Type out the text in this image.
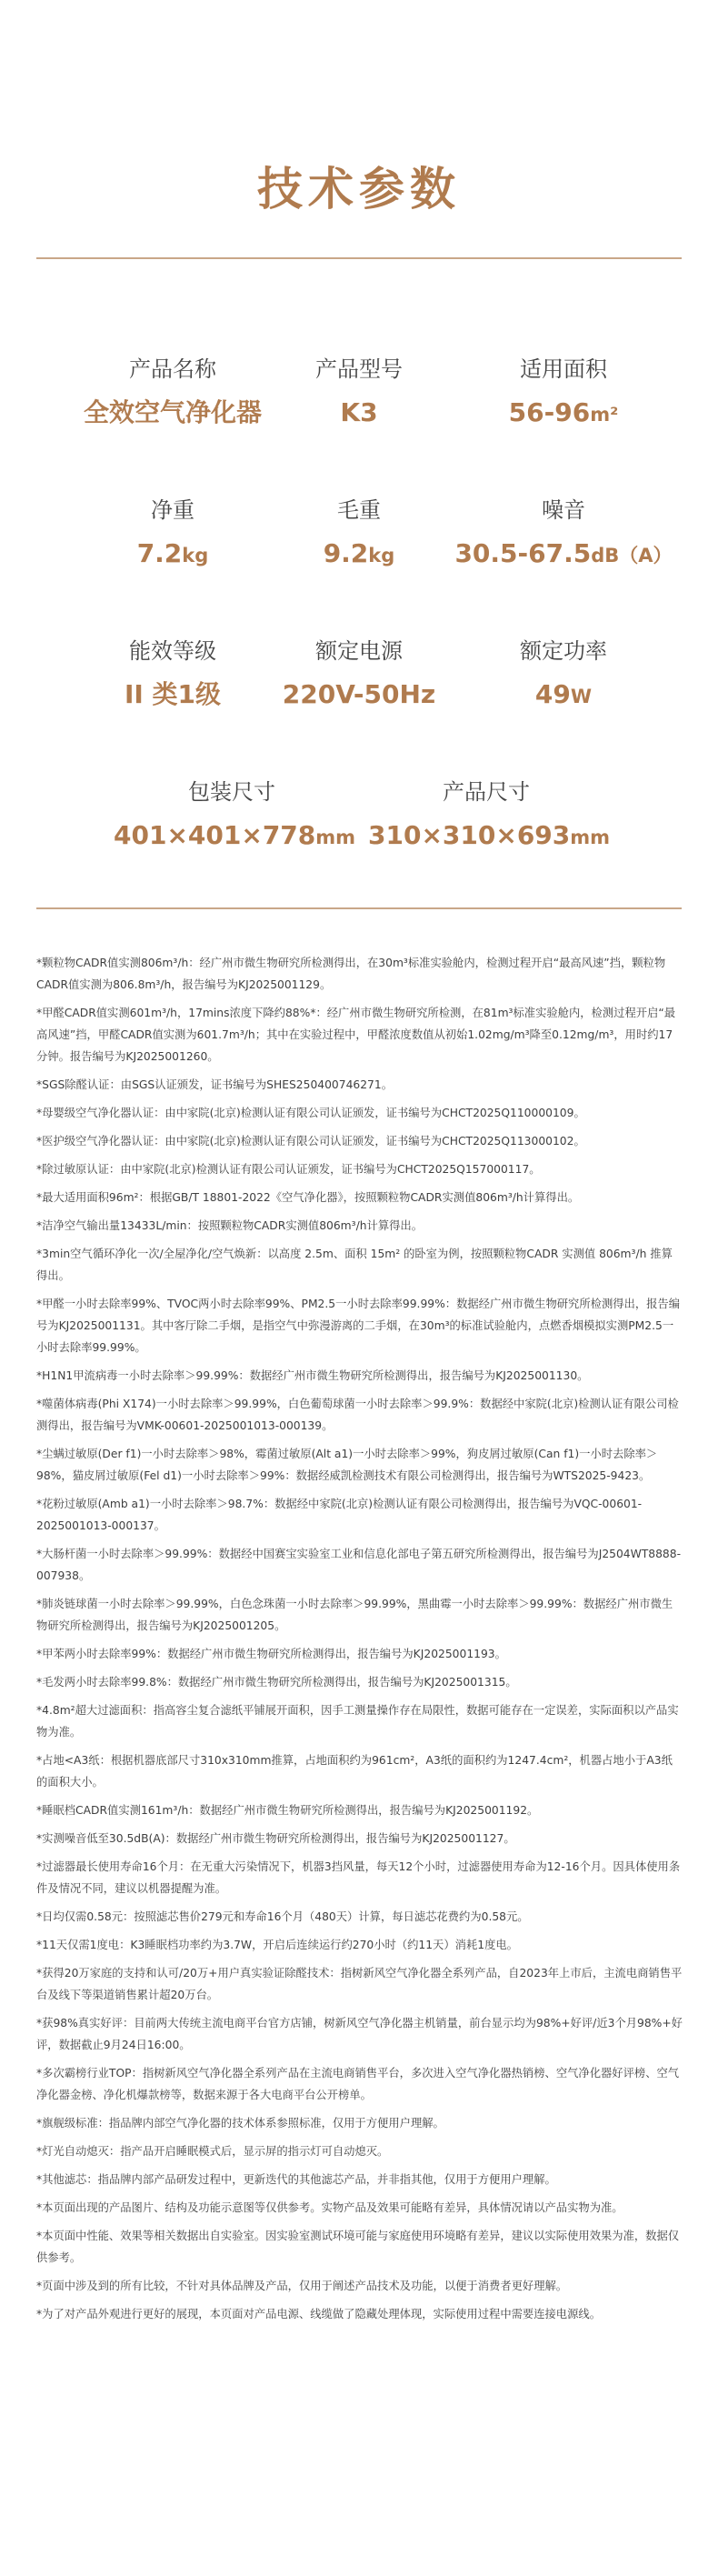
技术参数
产品名称
全效空气净化器
产品型号
K3
适用面积
56-96m²
净重
7.2kg
毛重
9.2kg
噪音
30.5-67.5dB（A）
能效等级
II 类1级
额定电源
220V-50Hz
额定功率
49W
包装尺寸
401×401×778mm
产品尺寸
310×310×693mm

*颗粒物CADR值实测806m³/h：经广州市微生物研究所检测得出，在30m³标准实验舱内，检测过程开启“最高风速”挡，颗粒物CADR值实测为806.8m³/h，报告编号为KJ2025001129。

*甲醛CADR值实测601m³/h，17mins浓度下降约88%*：经广州市微生物研究所检测，在81m³标准实验舱内，检测过程开启“最高风速”挡，甲醛CADR值实测为601.7m³/h；其中在实验过程中，甲醛浓度数值从初始1.02mg/m³降至0.12mg/m³，用时约17分钟。报告编号为KJ2025001260。

*SGS除醛认证：由SGS认证颁发，证书编号为SHES250400746271。

*母婴级空气净化器认证：由中家院(北京)检测认证有限公司认证颁发，证书编号为CHCT2025Q110000109。

*医护级空气净化器认证：由中家院(北京)检测认证有限公司认证颁发，证书编号为CHCT2025Q113000102。

*除过敏原认证：由中家院(北京)检测认证有限公司认证颁发，证书编号为CHCT2025Q157000117。

*最大适用面积96m²：根据GB/T 18801-2022《空气净化器》，按照颗粒物CADR实测值806m³/h计算得出。

*洁净空气输出量13433L/min：按照颗粒物CADR实测值806m³/h计算得出。

*3min空气循环净化一次/全屋净化/空气焕新：以高度 2.5m、面积 15m² 的卧室为例，按照颗粒物CADR 实测值 806m³/h 推算得出。

*甲醛一小时去除率99%、TVOC两小时去除率99%、PM2.5一小时去除率99.99%：数据经广州市微生物研究所检测得出，报告编号为KJ2025001131。其中客厅除二手烟，是指空气中弥漫游离的二手烟，在30m³的标准试验舱内，点燃香烟模拟实测PM2.5一小时去除率99.99%。

*H1N1甲流病毒一小时去除率＞99.99%：数据经广州市微生物研究所检测得出，报告编号为KJ2025001130。

*噬菌体病毒(Phi X174)一小时去除率＞99.99%，白色葡萄球菌一小时去除率＞99.9%：数据经中家院(北京)检测认证有限公司检测得出，报告编号为VMK-00601-2025001013-000139。

*尘螨过敏原(Der f1)一小时去除率＞98%，霉菌过敏原(Alt a1)一小时去除率＞99%，狗皮屑过敏原(Can f1)一小时去除率＞98%，猫皮屑过敏原(Fel d1)一小时去除率＞99%：数据经威凯检测技术有限公司检测得出，报告编号为WTS2025-9423。

*花粉过敏原(Amb a1)一小时去除率＞98.7%：数据经中家院(北京)检测认证有限公司检测得出，报告编号为VQC-00601-2025001013-000137。

*大肠杆菌一小时去除率＞99.99%：数据经中国赛宝实验室工业和信息化部电子第五研究所检测得出，报告编号为J2504WT8888-007938。

*肺炎链球菌一小时去除率＞99.99%，白色念珠菌一小时去除率＞99.99%，黑曲霉一小时去除率＞99.99%：数据经广州市微生物研究所检测得出，报告编号为KJ2025001205。

*甲苯两小时去除率99%：数据经广州市微生物研究所检测得出，报告编号为KJ2025001193。

*毛发两小时去除率99.8%：数据经广州市微生物研究所检测得出，报告编号为KJ2025001315。

*4.8m²超大过滤面积：指高容尘复合滤纸平铺展开面积，因手工测量操作存在局限性，数据可能存在一定误差，实际面积以产品实物为准。

*占地<A3纸：根据机器底部尺寸310x310mm推算，占地面积约为961cm²，A3纸的面积约为1247.4cm²，机器占地小于A3纸的面积大小。

*睡眠档CADR值实测161m³/h：数据经广州市微生物研究所检测得出，报告编号为KJ2025001192。

*实测噪音低至30.5dB(A)：数据经广州市微生物研究所检测得出，报告编号为KJ2025001127。

*过滤器最长使用寿命16个月：在无重大污染情况下，机器3挡风量，每天12个小时，过滤器使用寿命为12-16个月。因具体使用条件及情况不同，建议以机器提醒为准。

*日均仅需0.58元：按照滤芯售价279元和寿命16个月（480天）计算，每日滤芯花费约为0.58元。

*11天仅需1度电：K3睡眠档功率约为3.7W，开启后连续运行约270小时（约11天）消耗1度电。

*获得20万家庭的支持和认可/20万+用户真实验证除醛技术：指树新风空气净化器全系列产品，自2023年上市后，主流电商销售平台及线下等渠道销售累计超20万台。

*获98%真实好评：目前两大传统主流电商平台官方店铺，树新风空气净化器主机销量，前台显示均为98%+好评/近3个月98%+好评，数据截止9月24日16:00。

*多次霸榜行业TOP：指树新风空气净化器全系列产品在主流电商销售平台，多次进入空气净化器热销榜、空气净化器好评榜、空气净化器金榜、净化机爆款榜等，数据来源于各大电商平台公开榜单。

*旗舰级标准：指品牌内部空气净化器的技术体系参照标准，仅用于方便用户理解。

*灯光自动熄灭：指产品开启睡眠模式后，显示屏的指示灯可自动熄灭。

*其他滤芯：指品牌内部产品研发过程中，更新迭代的其他滤芯产品，并非指其他，仅用于方便用户理解。

*本页面出现的产品图片、结构及功能示意图等仅供参考。实物产品及效果可能略有差异，具体情况请以产品实物为准。

*本页面中性能、效果等相关数据出自实验室。因实验室测试环境可能与家庭使用环境略有差异，建议以实际使用效果为准，数据仅供参考。

*页面中涉及到的所有比较，不针对具体品牌及产品，仅用于阐述产品技术及功能，以便于消费者更好理解。

*为了对产品外观进行更好的展现，本页面对产品电源、线缆做了隐藏处理体现，实际使用过程中需要连接电源线。
